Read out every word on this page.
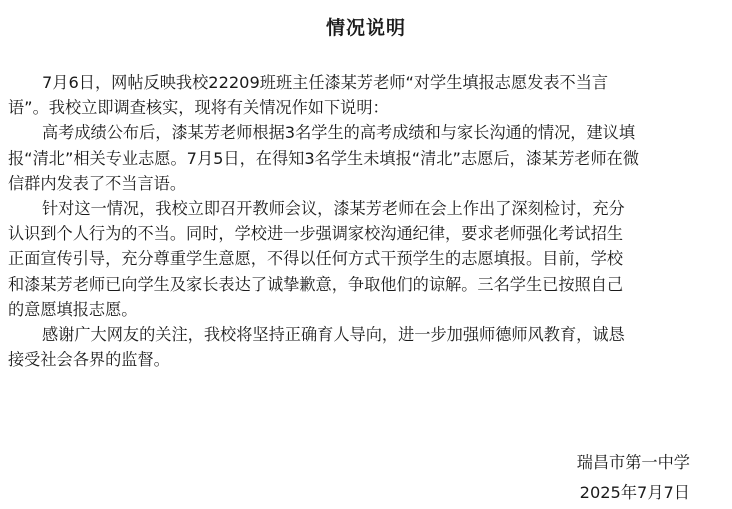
情况说明
7月6日，网帖反映我校22209班班主任漆某芳老师“对学生填报志愿发表不当言
语”。我校立即调查核实，现将有关情况作如下说明：
高考成绩公布后，漆某芳老师根据3名学生的高考成绩和与家长沟通的情况，建议填
报“清北”相关专业志愿。7月5日，在得知3名学生未填报“清北”志愿后，漆某芳老师在微
信群内发表了不当言语。
针对这一情况，我校立即召开教师会议，漆某芳老师在会上作出了深刻检讨，充分
认识到个人行为的不当。同时，学校进一步强调家校沟通纪律，要求老师强化考试招生
正面宣传引导，充分尊重学生意愿，不得以任何方式干预学生的志愿填报。目前，学校
和漆某芳老师已向学生及家长表达了诚挚歉意，争取他们的谅解。三名学生已按照自己
的意愿填报志愿。
感谢广大网友的关注，我校将坚持正确育人导向，进一步加强师德师风教育，诚恳
接受社会各界的监督。
瑞昌市第一中学
2025年7月7日
